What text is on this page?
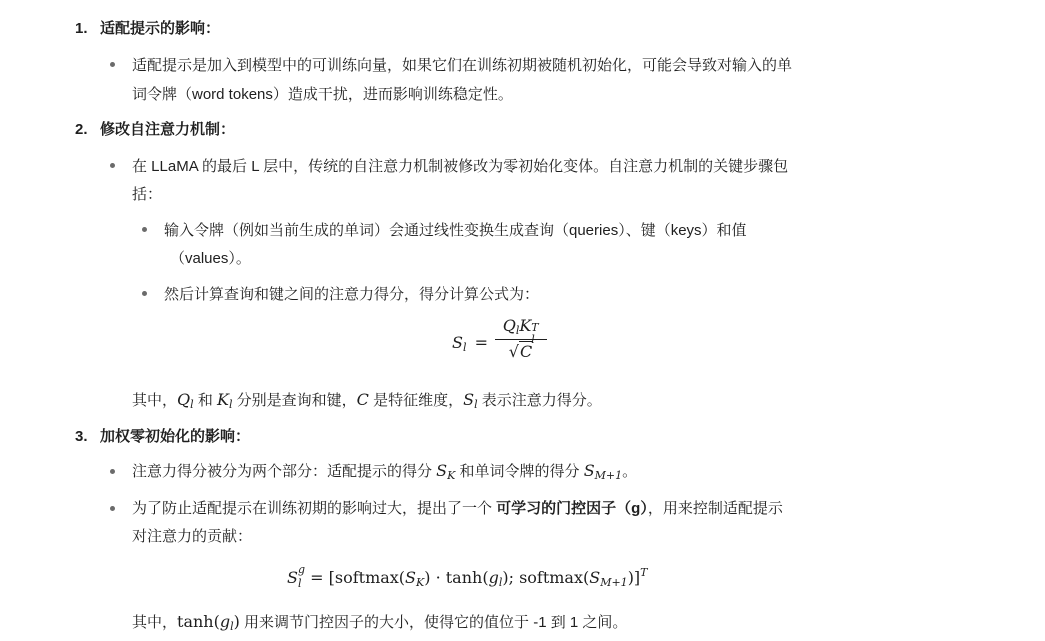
1. 适配提示的影响：
适配提示是加入到模型中的可训练向量，如果它们在训练初期被随机初始化，可能会导致对输入的单
词令牌（word tokens）造成干扰，进而影响训练稳定性。
2. 修改自注意力机制：
在 LLaMA 的最后 L 层中，传统的自注意力机制被修改为零初始化变体。自注意力机制的关键步骤包
括：
输入令牌（例如当前生成的单词）会通过线性变换生成查询（queries）、键（keys）和值
（values）。
然后计算查询和键之间的注意力得分，得分计算公式为：
$S_l$ =
$Q_lK$ T
l
√C
其中，$Q_l$ 和 $K_l$ 分别是查询和键，C 是特征维度，$S_l$ 表示注意力得分。
3. 加权零初始化的影响：
注意力得分被分为两个部分：适配提示的得分 $S_K$ 和单词令牌的得分 $S_{M+1}$。
为了防止适配提示在训练初期的影响过大，提出了一个 可学习的门控因子（g），用来控制适配提示
对注意力的贡献：
S g
$l = [softmax(S_K) \cdot \tanh(g_l)$; $softmax(S_{M+1})]^T$
其中，$\tanh(g_l)$ 用来调节门控因子的大小，使得它的值位于 -1 到 1 之间。
